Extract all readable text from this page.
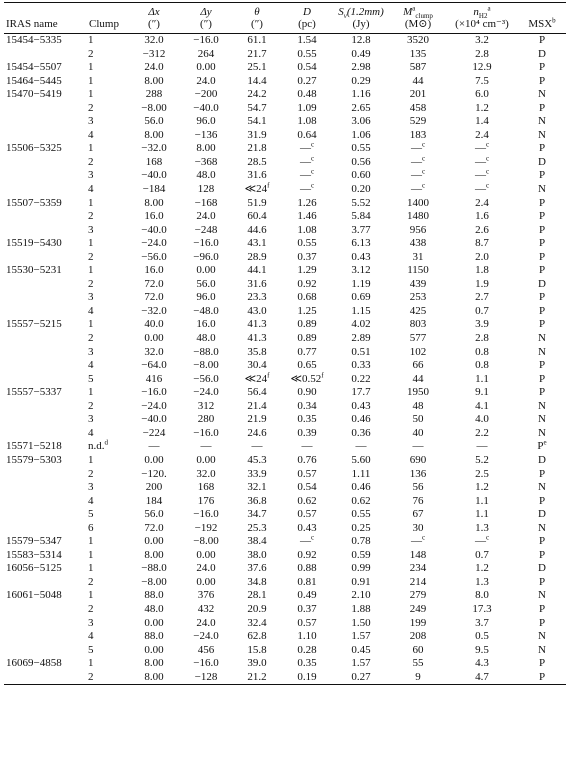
		Δx	Δy	θ	D	$S_\nu(1.2mm)$	$M^a_{clump}$	$n_{H2}^a$	
IRAS name	Clump	(″)	(″)	(″)	(pc)	(Jy)	(M⊙)	(×10⁴ cm⁻³)	MSX$^b$
15454−5335	1	32.0	−16.0	61.1	1.54	12.8	3520	3.2	P
	2	−312	264	21.7	0.55	0.49	135	2.8	D
15454−5507	1	24.0	0.00	25.1	0.54	2.98	587	12.9	P
15464−5445	1	8.00	24.0	14.4	0.27	0.29	44	7.5	P
15470−5419	1	288	−200	24.2	0.48	1.16	201	6.0	N
	2	−8.00	−40.0	54.7	1.09	2.65	458	1.2	P
	3	56.0	96.0	54.1	1.08	3.06	529	1.4	N
	4	8.00	−136	31.9	0.64	1.06	183	2.4	N
15506−5325	1	−32.0	8.00	21.8	—$^c$	0.55	—$^c$	—$^c$	P
	2	168	−368	28.5	—$^c$	0.56	—$^c$	—$^c$	D
	3	−40.0	48.0	31.6	—$^c$	0.60	—$^c$	—$^c$	P
	4	−184	128	≪24$^f$	—$^c$	0.20	—$^c$	—$^c$	N
15507−5359	1	8.00	−168	51.9	1.26	5.52	1400	2.4	P
	2	16.0	24.0	60.4	1.46	5.84	1480	1.6	P
	3	−40.0	−248	44.6	1.08	3.77	956	2.6	P
15519−5430	1	−24.0	−16.0	43.1	0.55	6.13	438	8.7	P
	2	−56.0	−96.0	28.9	0.37	0.43	31	2.0	P
15530−5231	1	16.0	0.00	44.1	1.29	3.12	1150	1.8	P
	2	72.0	56.0	31.6	0.92	1.19	439	1.9	D
	3	72.0	96.0	23.3	0.68	0.69	253	2.7	P
	4	−32.0	−48.0	43.0	1.25	1.15	425	0.7	P
15557−5215	1	40.0	16.0	41.3	0.89	4.02	803	3.9	P
	2	0.00	48.0	41.3	0.89	2.89	577	2.8	N
	3	32.0	−88.0	35.8	0.77	0.51	102	0.8	N
	4	−64.0	−8.00	30.4	0.65	0.33	66	0.8	P
	5	416	−56.0	≪24$^f$	≪0.52$^f$	0.22	44	1.1	P
15557−5337	1	−16.0	−24.0	56.4	0.90	17.7	1950	9.1	P
	2	−24.0	312	21.4	0.34	0.43	48	4.1	N
	3	−40.0	280	21.9	0.35	0.46	50	4.0	N
	4	−224	−16.0	24.6	0.39	0.36	40	2.2	N
15571−5218	n.d.$^d$	—	—	—	—	—	—	—	$P^e$
15579−5303	1	0.00	0.00	45.3	0.76	5.60	690	5.2	D
	2	−120.	32.0	33.9	0.57	1.11	136	2.5	P
	3	200	168	32.1	0.54	0.46	56	1.2	N
	4	184	176	36.8	0.62	0.62	76	1.1	P
	5	56.0	−16.0	34.7	0.57	0.55	67	1.1	D
	6	72.0	−192	25.3	0.43	0.25	30	1.3	N
15579−5347	1	0.00	−8.00	38.4	—$^c$	0.78	—$^c$	—$^c$	P
15583−5314	1	8.00	0.00	38.0	0.92	0.59	148	0.7	P
16056−5125	1	−88.0	24.0	37.6	0.88	0.99	234	1.2	D
	2	−8.00	0.00	34.8	0.81	0.91	214	1.3	P
16061−5048	1	88.0	376	28.1	0.49	2.10	279	8.0	N
	2	48.0	432	20.9	0.37	1.88	249	17.3	P
	3	0.00	24.0	32.4	0.57	1.50	199	3.7	P
	4	88.0	−24.0	62.8	1.10	1.57	208	0.5	N
	5	0.00	456	15.8	0.28	0.45	60	9.5	N
16069−4858	1	8.00	−16.0	39.0	0.35	1.57	55	4.3	P
	2	8.00	−128	21.2	0.19	0.27	9	4.7	P
